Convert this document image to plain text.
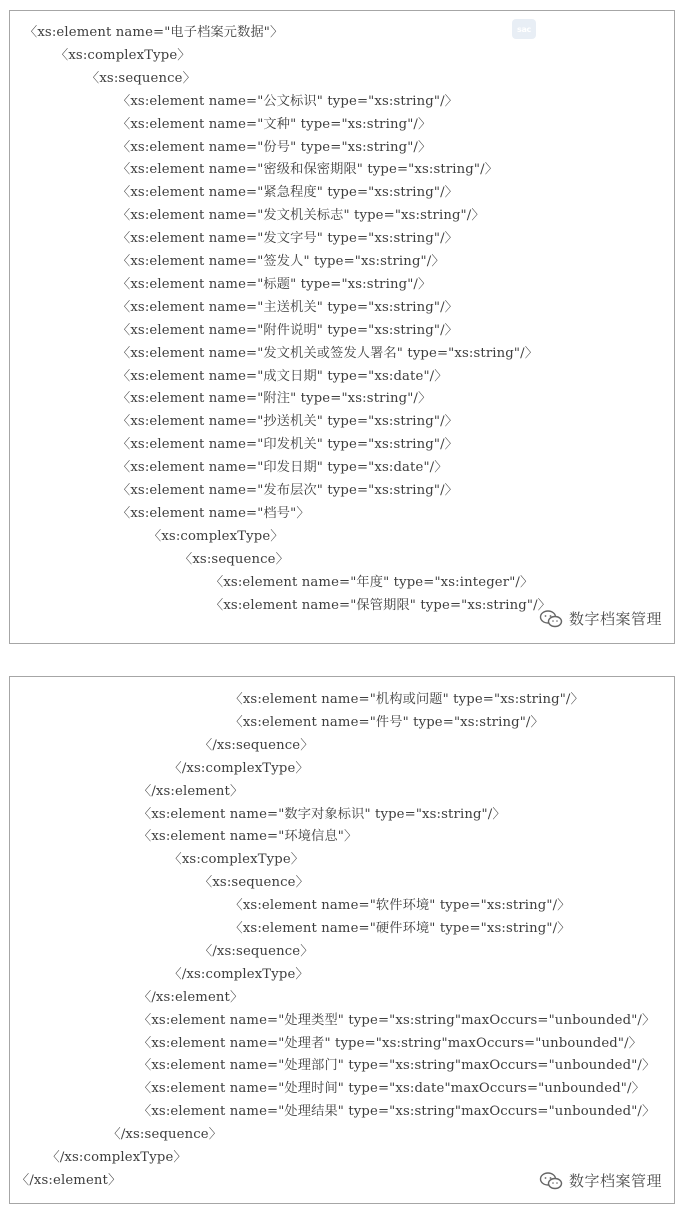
sac
〈xs:element name="电子档案元数据"〉
〈xs:complexType〉
〈xs:sequence〉
〈xs:element name="公文标识" type="xs:string"/〉
〈xs:element name="文种" type="xs:string"/〉
〈xs:element name="份号" type="xs:string"/〉
〈xs:element name="密级和保密期限" type="xs:string"/〉
〈xs:element name="紧急程度" type="xs:string"/〉
〈xs:element name="发文机关标志" type="xs:string"/〉
〈xs:element name="发文字号" type="xs:string"/〉
〈xs:element name="签发人" type="xs:string"/〉
〈xs:element name="标题" type="xs:string"/〉
〈xs:element name="主送机关" type="xs:string"/〉
〈xs:element name="附件说明" type="xs:string"/〉
〈xs:element name="发文机关或签发人署名" type="xs:string"/〉
〈xs:element name="成文日期" type="xs:date"/〉
〈xs:element name="附注" type="xs:string"/〉
〈xs:element name="抄送机关" type="xs:string"/〉
〈xs:element name="印发机关" type="xs:string"/〉
〈xs:element name="印发日期" type="xs:date"/〉
〈xs:element name="发布层次" type="xs:string"/〉
〈xs:element name="档号"〉
〈xs:complexType〉
〈xs:sequence〉
〈xs:element name="年度" type="xs:integer"/〉
〈xs:element name="保管期限" type="xs:string"/〉
数字档案管理
〈xs:element name="机构或问题" type="xs:string"/〉
〈xs:element name="件号" type="xs:string"/〉
〈/xs:sequence〉
〈/xs:complexType〉
〈/xs:element〉
〈xs:element name="数字对象标识" type="xs:string"/〉
〈xs:element name="环境信息"〉
〈xs:complexType〉
〈xs:sequence〉
〈xs:element name="软件环境" type="xs:string"/〉
〈xs:element name="硬件环境" type="xs:string"/〉
〈/xs:sequence〉
〈/xs:complexType〉
〈/xs:element〉
〈xs:element name="处理类型" type="xs:string"maxOccurs="unbounded"/〉
〈xs:element name="处理者" type="xs:string"maxOccurs="unbounded"/〉
〈xs:element name="处理部门" type="xs:string"maxOccurs="unbounded"/〉
〈xs:element name="处理时间" type="xs:date"maxOccurs="unbounded"/〉
〈xs:element name="处理结果" type="xs:string"maxOccurs="unbounded"/〉
〈/xs:sequence〉
〈/xs:complexType〉
〈/xs:element〉	数字档案管理
